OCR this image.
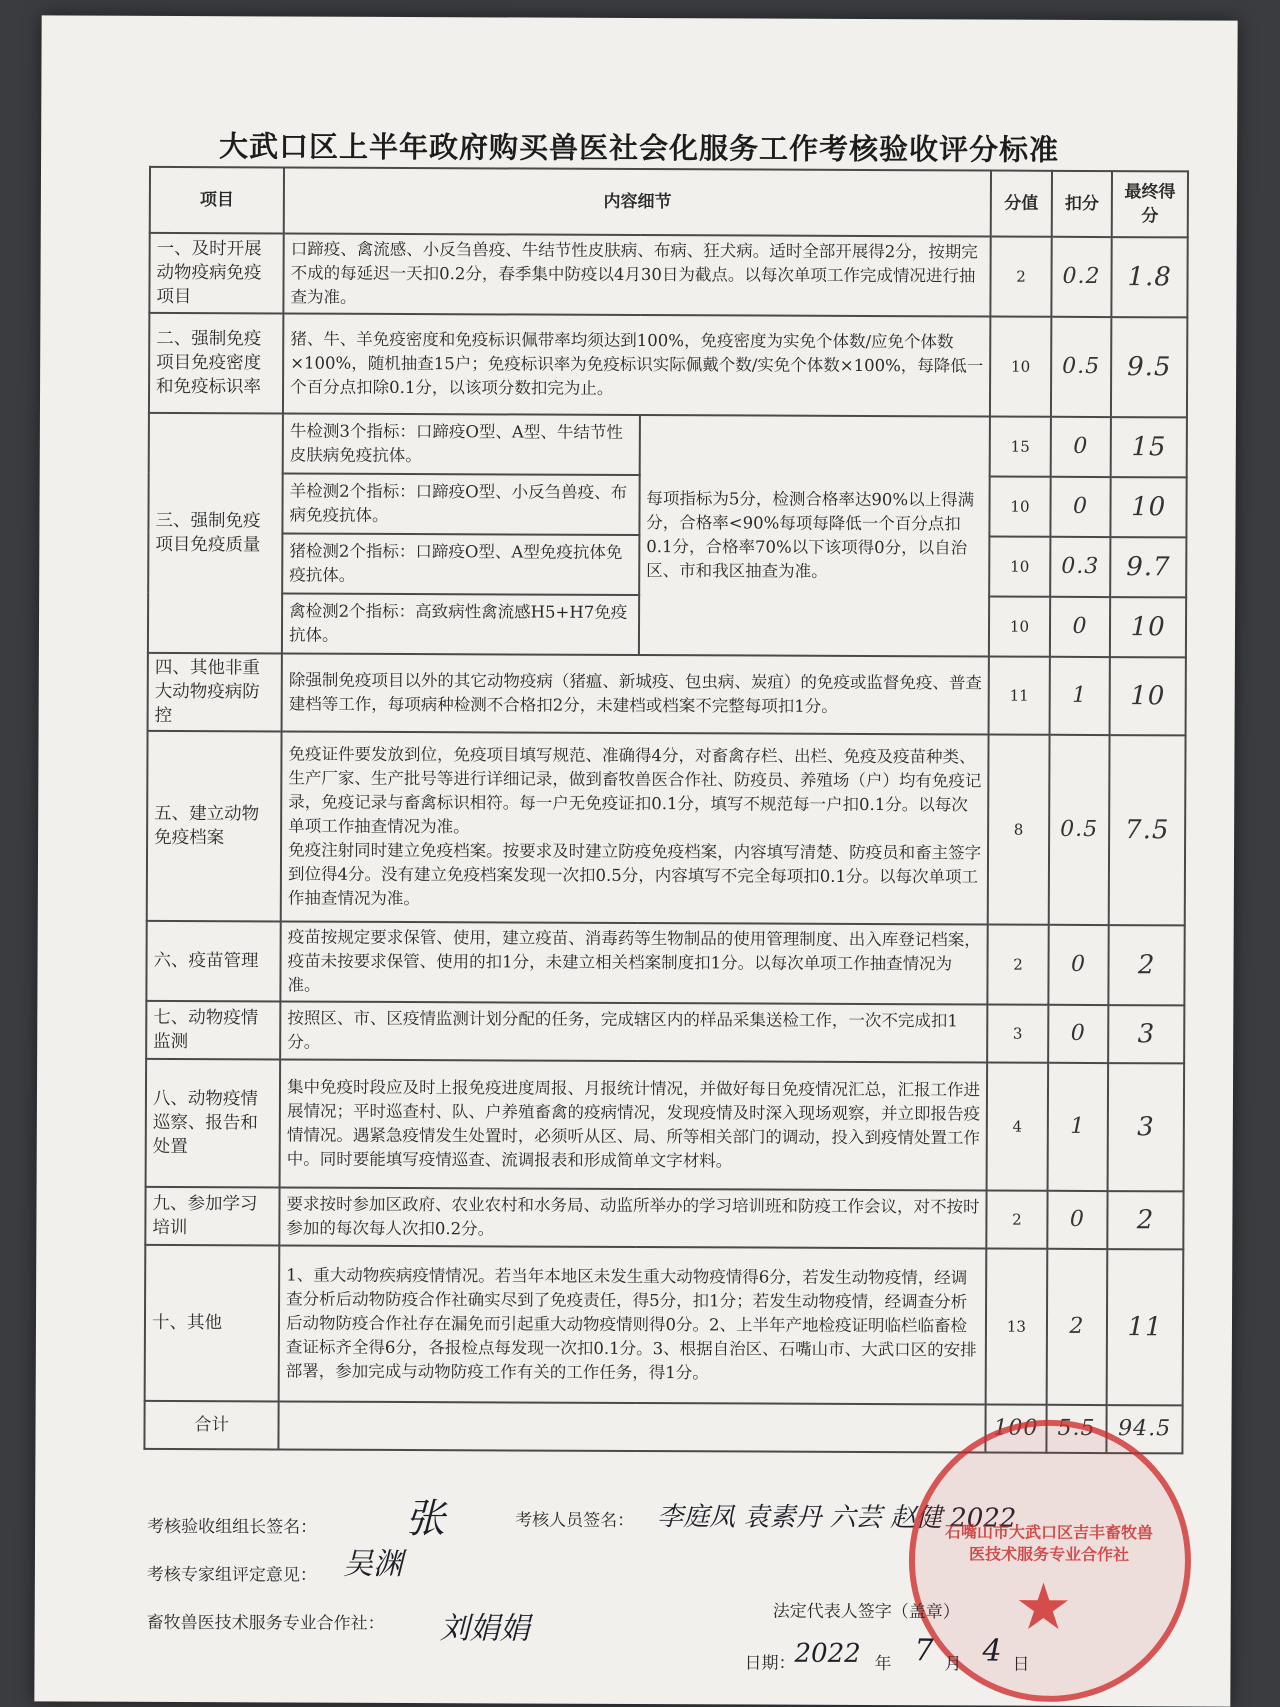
大武口区上半年政府购买兽医社会化服务工作考核验收评分标准
项目	内容细节		分值	扣分	最终得分
一、及时开展动物疫病免疫项目	口蹄疫、禽流感、小反刍兽疫、牛结节性皮肤病、布病、狂犬病。适时全部开展得2分，按期完不成的每延迟一天扣0.2分，春季集中防疫以4月30日为截点。以每次单项工作完成情况进行抽查为准。		2	0.2	1.8
二、强制免疫项目免疫密度和免疫标识率	猪、牛、羊免疫密度和免疫标识佩带率均须达到100%，免疫密度为实免个体数/应免个体数×100%，随机抽查15户；免疫标识率为免疫标识实际佩戴个数/实免个体数×100%，每降低一个百分点扣除0.1分，以该项分数扣完为止。		10	0.5	9.5
三、强制免疫项目免疫质量	牛检测3个指标：口蹄疫O型、A型、牛结节性皮肤病免疫抗体。	每项指标为5分，检测合格率达90%以上得满分，合格率<90%每项每降低一个百分点扣0.1分，合格率70%以下该项得0分，以自治区、市和我区抽查为准。	15	0	15
	羊检测2个指标：口蹄疫O型、小反刍兽疫、布病免疫抗体。		10	0	10
	猪检测2个指标：口蹄疫O型、A型免疫抗体免疫抗体。		10	0.3	9.7
	禽检测2个指标：高致病性禽流感H5+H7免疫抗体。		10	0	10
四、其他非重大动物疫病防控	除强制免疫项目以外的其它动物疫病（猪瘟、新城疫、包虫病、炭疽）的免疫或监督免疫、普查建档等工作，每项病种检测不合格扣2分，未建档或档案不完整每项扣1分。		11	1	10
五、建立动物免疫档案	免疫证件要发放到位，免疫项目填写规范、准确得4分，对畜禽存栏、出栏、免疫及疫苗种类、生产厂家、生产批号等进行详细记录，做到畜牧兽医合作社、防疫员、养殖场（户）均有免疫记录，免疫记录与畜禽标识相符。每一户无免疫证扣0.1分，填写不规范每一户扣0.1分。以每次单项工作抽查情况为准。
免疫注射同时建立免疫档案。按要求及时建立防疫免疫档案，内容填写清楚、防疫员和畜主签字到位得4分。没有建立免疫档案发现一次扣0.5分，内容填写不完全每项扣0.1分。以每次单项工作抽查情况为准。		8	0.5	7.5
六、疫苗管理	疫苗按规定要求保管、使用，建立疫苗、消毒药等生物制品的使用管理制度、出入库登记档案，疫苗未按要求保管、使用的扣1分，未建立相关档案制度扣1分。以每次单项工作抽查情况为准。		2	0	2
七、动物疫情监测	按照区、市、区疫情监测计划分配的任务，完成辖区内的样品采集送检工作，一次不完成扣1分。		3	0	3
八、动物疫情巡察、报告和处置	集中免疫时段应及时上报免疫进度周报、月报统计情况，并做好每日免疫情况汇总，汇报工作进展情况；平时巡查村、队、户养殖畜禽的疫病情况，发现疫情及时深入现场观察，并立即报告疫情情况。遇紧急疫情发生处置时，必须听从区、局、所等相关部门的调动，投入到疫情处置工作中。同时要能填写疫情巡查、流调报表和形成简单文字材料。		4	1	3
九、参加学习培训	要求按时参加区政府、农业农村和水务局、动监所举办的学习培训班和防疫工作会议，对不按时参加的每次每人次扣0.2分。		2	0	2
十、其他	1、重大动物疾病疫情情况。若当年本地区未发生重大动物疫情得6分，若发生动物疫情，经调查分析后动物防疫合作社确实尽到了免疫责任，得5分，扣1分；若发生动物疫情，经调查分析后动物防疫合作社存在漏免而引起重大动物疫情则得0分。2、上半年产地检疫证明临栏临畜检查证标齐全得6分，各报检点每发现一次扣0.1分。3、根据自治区、石嘴山市、大武口区的安排部署，参加完成与动物防疫工作有关的工作任务，得1分。		13	2	11
合计			100	5.5	94.5
考核验收组组长签名： 张	考核人员签名： 李庭凤 袁素丹 六芸 赵健 2022
考核专家组评定意见： 吴渊
畜牧兽医技术服务专业合作社： 刘娟娟
石嘴山市大武口区吉丰畜牧兽医技术服务专业合作社
★
法定代表人签字（盖章）
日期：
2022 年 7 月 4 日
